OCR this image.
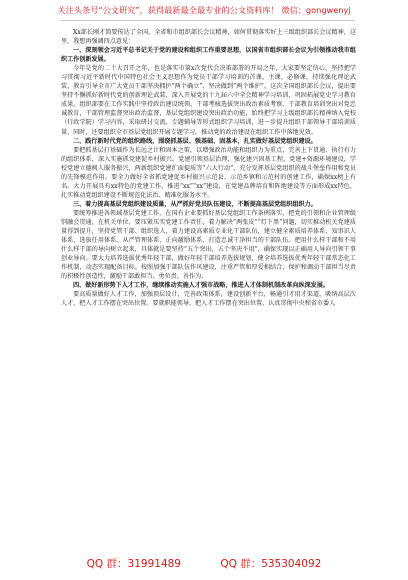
关注头条号“公文研究”，获得最新最全最专业的公文资料库！ 微信：gongwenyj

Xx部长刚才简要传达了全国、全省和市组织部长会议精神，如何贯彻落实好上三级组织部长会议精神，这里，我想再强调四点意见：

一、深刻领会习近平总书记关于党的建设和组织工作重要思想，以国省市组织部长会议为引领推动我市组织工作创新发展。

今年是党的二十大召开之年，也是落实市第x次党代会决策部署的开局之年，大家要坚定信心，坚持把学习贯彻习近平新时代中国特色社会主义思想作为党员干部学习培训的首课、主课、必修课，持续强化理论武装，教育引导全市广大党员干部坚决拥护“两个确立”、坚决做到“两个维护”。这次全国组织部长会议，提出要坚持不懈抓好新时代党的创新理论武装，深入开展党的十九届六中全会精神学习培训，巩固拓展党史学习教育成果。组织部要在工作实践中坚持政治建设统领，干部考核选拔突出政治素质考察，干部教育培训突出对党忠诚教育，干部管理监督突出政治监督，基层党组织建设突出政治功能，始终把学习上级组织部长精神纳入党校（行政学院）学习内容，采取研讨交流、专题辅导等形式组织学习培训，进一步提升组织干部领导干部培训质量，同时，还要组织全市基层党组织开展专题学习，推动党的政治建设在组织工作中落地见效。

二、践行新时代党的组织路线，围绕抓基层、强基础、固基本，扎实做好基层党组织建设。

要把抓基层打基础作为长远之计和固本之策，以增强政治功能和组织力为重点，完善上下贯通、执行有力的组织体系，深入实施抓党建促乡村振兴、党建引领基层治理、强化建兴固基工程，党建+资源环境建设，学校党建立德树人服务振兴，两新组织党建扩面提质等“六大行动”，充分发挥基层党组织的战斗堡垒作用和党员的先锋模范作用。要全力做好全省抓党建促乡村振兴示范县、示范乡镇和示范村的创建工作，确保xx榜上有名。大力开展具有xx特色的党建工作，推进“xx”“xx”建设，在党建品牌培育和阵地建设等方面形成xx特色，扎实推动党组织建设不断规范化法治、精准化服务水平。

三、着力提高基层党组织建设质量，从严抓好党员队伍建设，不断提高基层党组织组织力。

要统筹推进各领域基层党建工作，在国有企业要抓好基层党组织工作条例落实，把党的引领和企业管理级别融会贯通，在机关单位，要压紧压实党建工作责任，着力解决“两张皮”“灯下黑”问题，切实推动机关党建质量得到提升，坚持党管干部、组织选人，着力建设高素质专业化干部队伍，建立健全素质培养体系、知事识人体系、选拔任用体系、从严管理体系、正向激励体系，打造忠诚干净担当的干部队伍。把用什么样干部和不用什么样干部的导向树立起来，具体就是要坚持“五个突出，五个坚决不用”，确保实现以正确用人导向引领干事创业导向。要大力培养选拔优秀年轻干部，做好年轻干部培养选拔规划，健全培养选拔优秀年轻干部常态化工作机制，动态实现配备目标。按照加强干部队伍作风建设，注重严管和厚爱相结合，保护和调动干部担当尽责的积极性创造性，激励干部敢担当、勇负责、善作为。

四、做好新形势下人才工作，继续推动实施人才强市战略，推进人才体制机制改革向纵深发展。

要高质量做好人才工作，加强顶层设计，完善政策体系，建设创新平台，畅通引才用才渠道，吸纳高层次人才，把人才工作摆在突出位置。要就职能领导，把人才工作摆在突出位置，认真贯彻中央和省市委人

QQ 群：31991489	QQ 群：535304092
